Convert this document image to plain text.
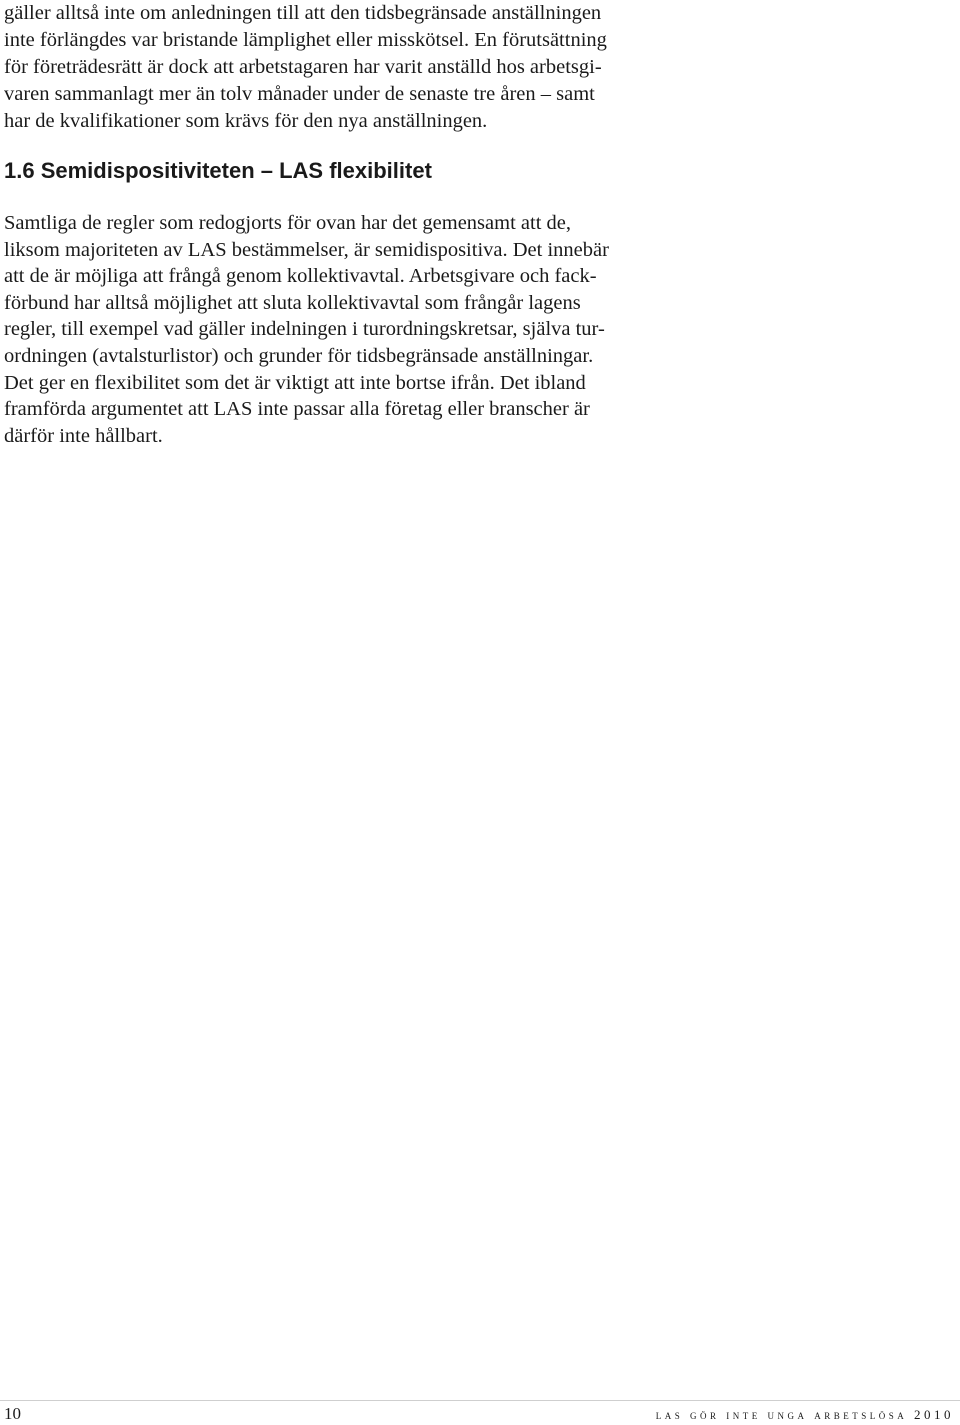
gäller alltså inte om anledningen till att den tidsbegränsade anställningen
inte förlängdes var bristande lämplighet eller misskötsel. En förutsättning
för företrädesrätt är dock att arbetstagaren har varit anställd hos arbetsgi-
varen sammanlagt mer än tolv månader under de senaste tre åren – samt
har de kvalifikationer som krävs för den nya anställningen.
1.6 Semidispositiviteten – LAS flexibilitet
Samtliga de regler som redogjorts för ovan har det gemensamt att de,
liksom majoriteten av LAS bestämmelser, är semidispositiva. Det innebär
att de är möjliga att frångå genom kollektivavtal. Arbetsgivare och fack-
förbund har alltså möjlighet att sluta kollektivavtal som frångår lagens
regler, till exempel vad gäller indelningen i turordningskretsar, själva tur-
ordningen (avtalsturlistor) och grunder för tidsbegränsade anställningar.
Det ger en flexibilitet som det är viktigt att inte bortse ifrån. Det ibland
framförda argumentet att LAS inte passar alla företag eller branscher är
därför inte hållbart.
10	las gör inte unga arbetslösa 2010
